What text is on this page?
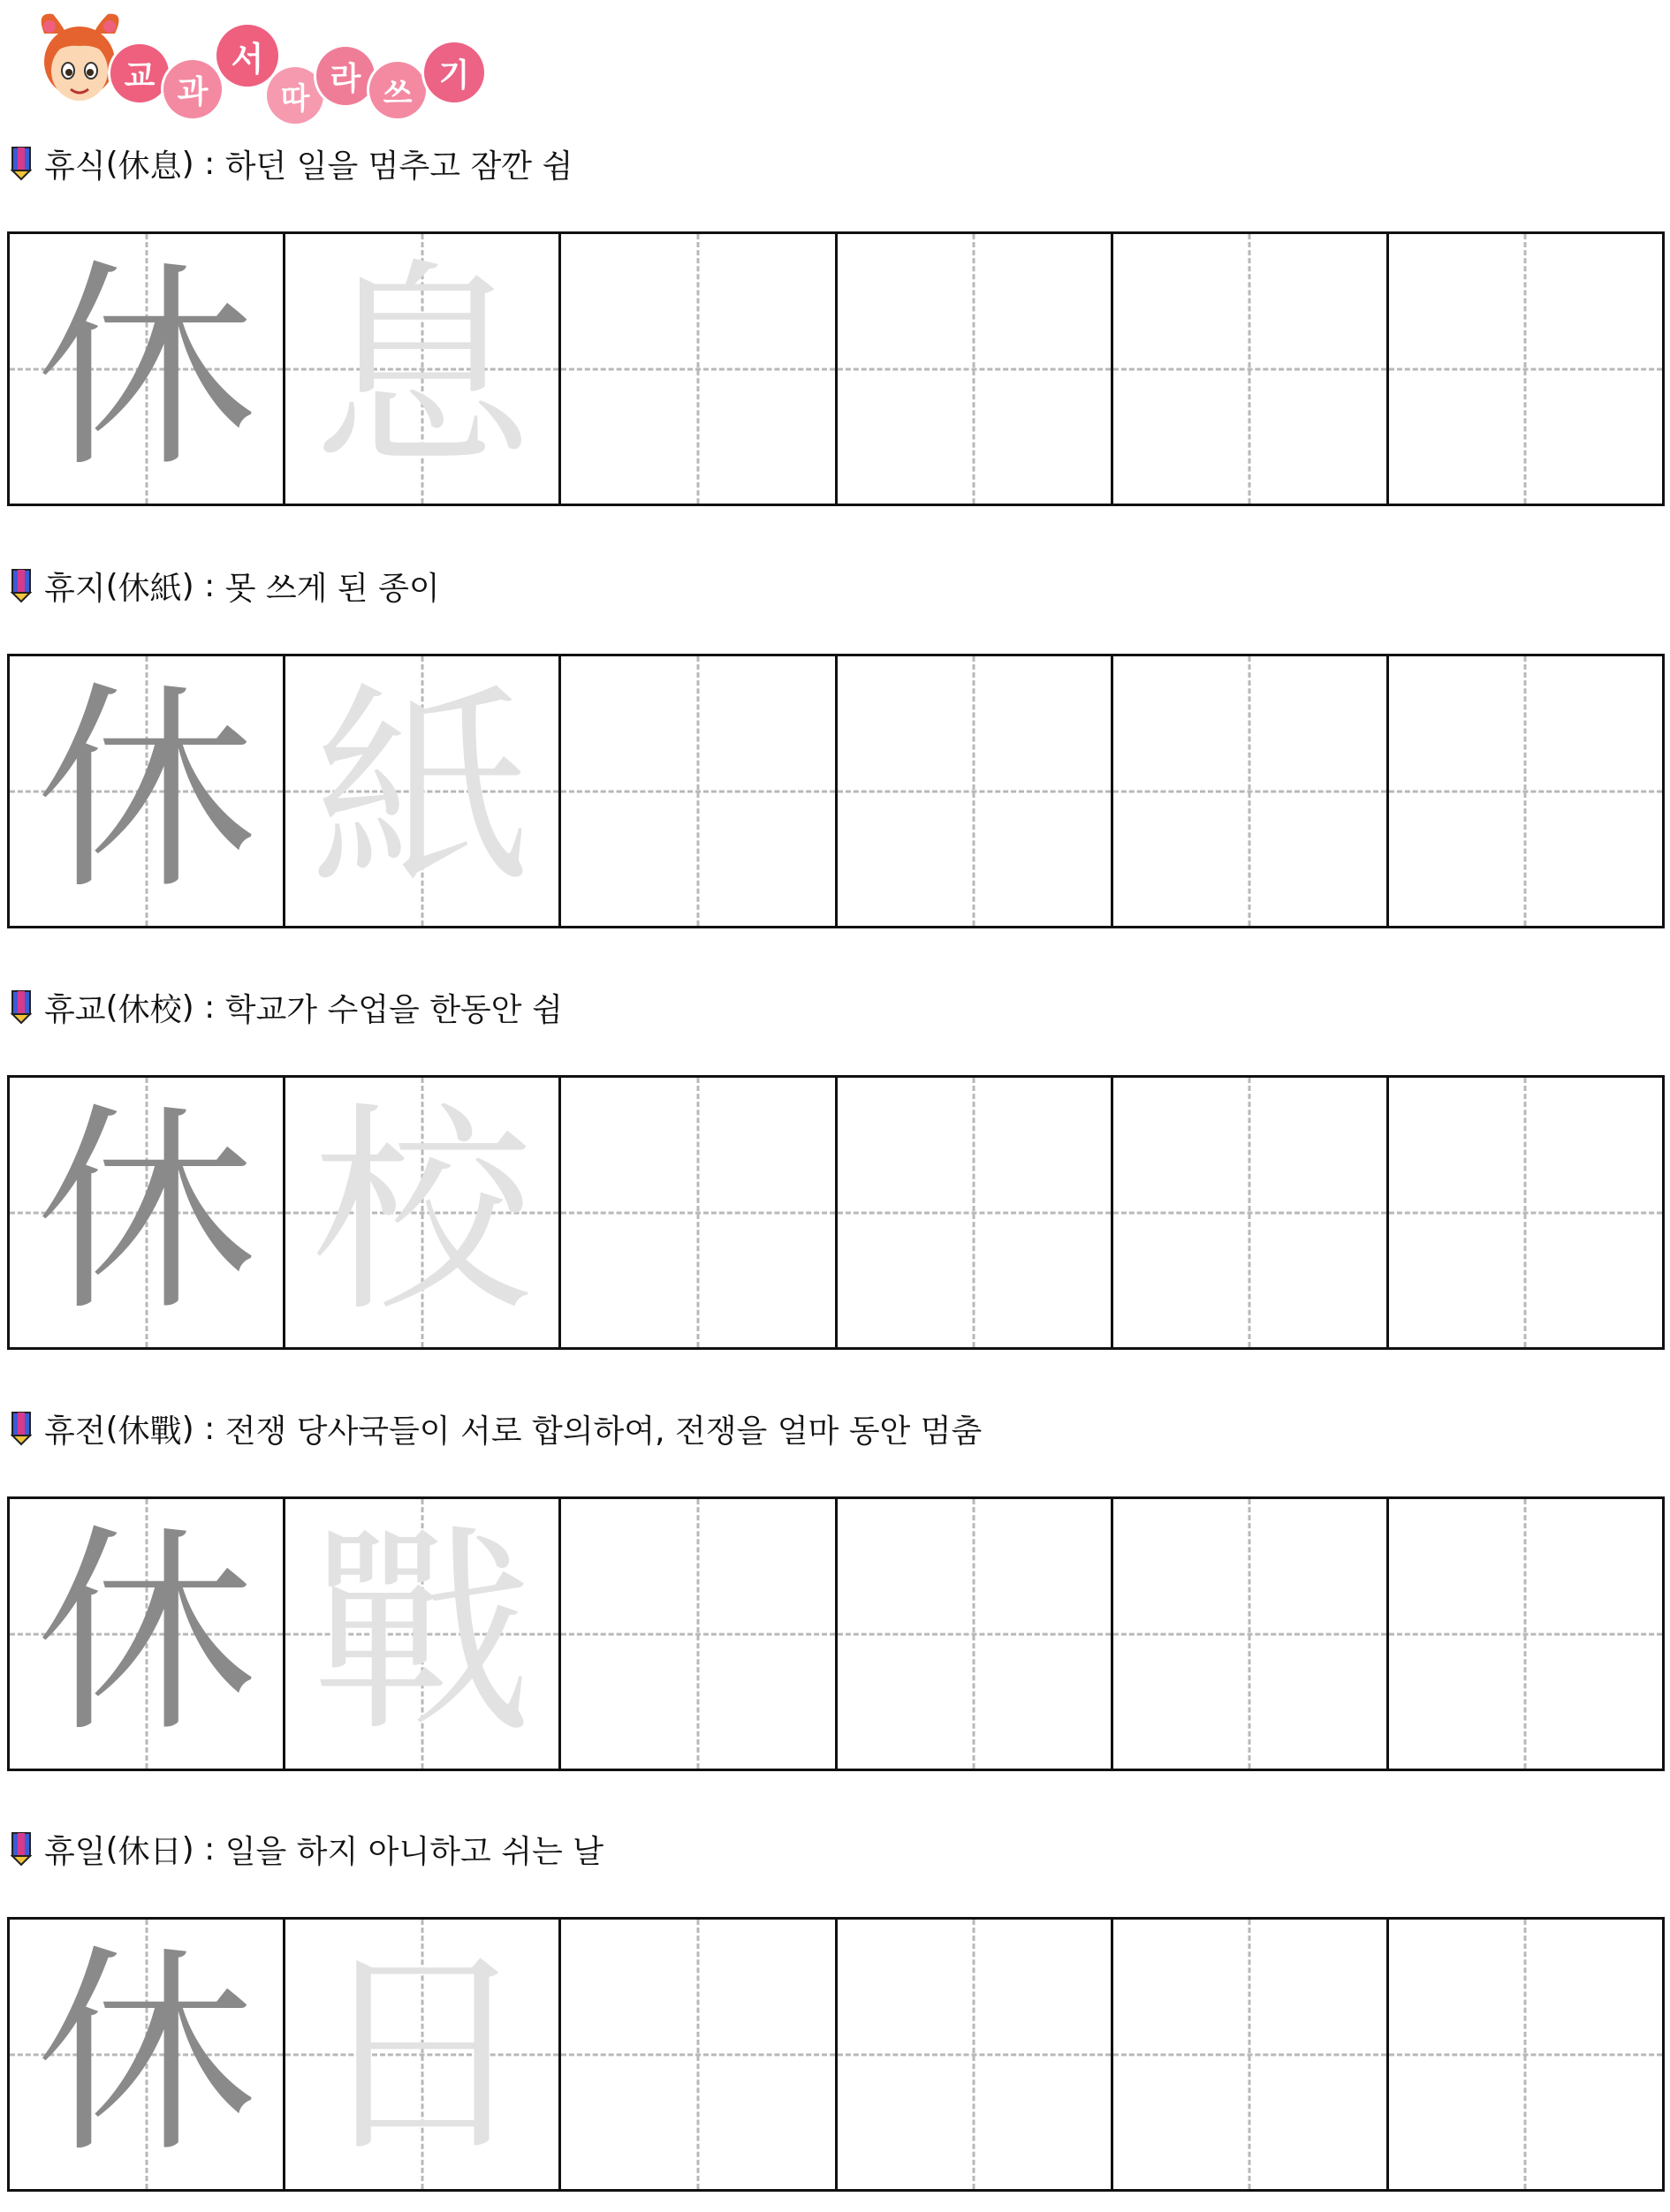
교 과
서
따
라 쓰 기
휴식 ( 休息 ) : 하던 일을 멈추고 잠깐 쉼
休 息
휴지 ( 休紙 ) : 못 쓰게 된 종이
休 紙
휴교 ( 休校 ) : 학교가 수업을 한동안 쉼
休 校
휴전 ( 休戰 ) : 전쟁 당사국들이 서로 합의하여, 전쟁을 얼마 동안 멈춤
休 戰
휴일 ( 休日 ) : 일을 하지 아니하고 쉬는 날
休 日
